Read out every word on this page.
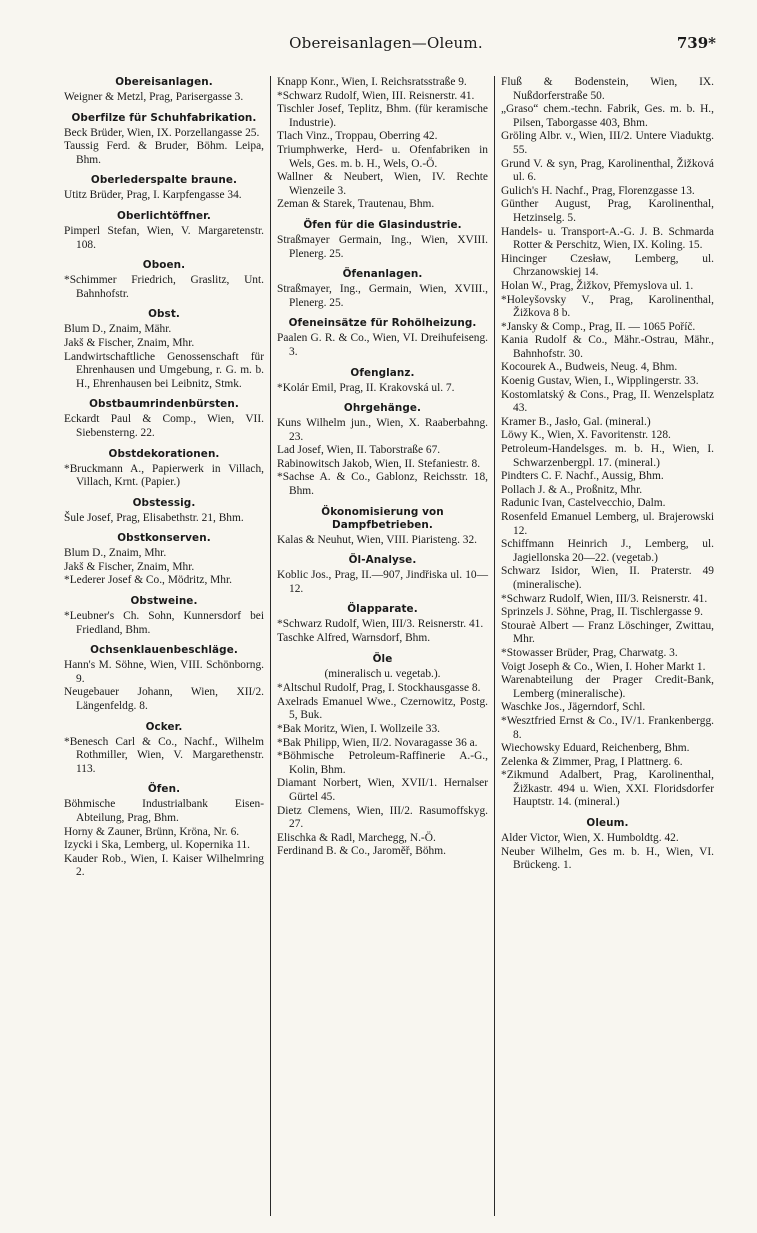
Obereisanlagen—Oleum.	739*
Obereisanlagen.
Weigner & Metzl, Prag, Parisergasse 3.
Oberfilze für Schuhfabrikation.
Beck Brüder, Wien, IX. Porzellangasse 25.
Taussig Ferd. & Bruder, Böhm. Leipa, Bhm.
Oberlederspalte braune.
Utitz Brüder, Prag, I. Karpfengasse 34.
Oberlichtöffner.
Pimperl Stefan, Wien, V. Margaretenstr. 108.
Oboen.
*Schimmer Friedrich, Graslitz, Unt. Bahnhofstr.
Obst.
Blum D., Znaim, Mähr.
Jakš & Fischer, Znaim, Mhr.
Landwirtschaftliche Genossenschaft für Ehrenhausen und Umgebung, r. G. m. b. H., Ehrenhausen bei Leibnitz, Stmk.
Obstbaumrindenbürsten.
Eckardt Paul & Comp., Wien, VII. Siebensterng. 22.
Obstdekorationen.
*Bruckmann A., Papierwerk in Villach, Villach, Krnt. (Papier.)
Obstessig.
Šule Josef, Prag, Elisabethstr. 21, Bhm.
Obstkonserven.
Blum D., Znaim, Mhr.
Jakš & Fischer, Znaim, Mhr.
*Lederer Josef & Co., Mödritz, Mhr.
Obstweine.
*Leubner's Ch. Sohn, Kunnersdorf bei Friedland, Bhm.
Ochsenklauenbeschläge.
Hann's M. Söhne, Wien, VIII. Schönborng. 9.
Neugebauer Johann, Wien, XII/2. Längenfeldg. 8.
Ocker.
*Benesch Carl & Co., Nachf., Wilhelm Rothmiller, Wien, V. Margarethenstr. 113.
Öfen.
Böhmische Industrialbank Eisen-Abteilung, Prag, Bhm.
Horny & Zauner, Brünn, Kröna, Nr. 6.
Izycki i Ska, Lemberg, ul. Kopernika 11.
Kauder Rob., Wien, I. Kaiser Wilhelmring 2.
Knapp Konr., Wien, I. Reichsratsstraße 9.
*Schwarz Rudolf, Wien, III. Reisnerstr. 41.
Tischler Josef, Teplitz, Bhm. (für keramische Industrie).
Tlach Vinz., Troppau, Oberring 42.
Triumphwerke, Herd- u. Ofenfabriken in Wels, Ges. m. b. H., Wels, O.-Ö.
Wallner & Neubert, Wien, IV. Rechte Wienzeile 3.
Zeman & Starek, Trautenau, Bhm.
Öfen für die Glasindustrie.
Straßmayer Germain, Ing., Wien, XVIII. Plenerg. 25.
Öfenanlagen.
Straßmayer, Ing., Germain, Wien, XVIII., Plenerg. 25.
Ofeneinsätze für Rohölheizung.
Paalen G. R. & Co., Wien, VI. Dreihufeiseng. 3.
Ofenglanz.
*Kolár Emil, Prag, II. Krakovská ul. 7.
Ohrgehänge.
Kuns Wilhelm jun., Wien, X. Raaberbahng. 23.
Lad Josef, Wien, II. Taborstraße 67.
Rabinowitsch Jakob, Wien, II. Stefaniestr. 8.
*Sachse A. & Co., Gablonz, Reichsstr. 18, Bhm.
Ökonomisierung von Dampfbetrieben.
Kalas & Neuhut, Wien, VIII. Piaristeng. 32.
Öl-Analyse.
Koblic Jos., Prag, II.—907, Jindřiska ul. 10—12.
Ölapparate.
*Schwarz Rudolf, Wien, III/3. Reisnerstr. 41.
Taschke Alfred, Warnsdorf, Bhm.
Öle
(mineralisch u. vegetab.).
*Altschul Rudolf, Prag, I. Stockhausgasse 8.
Axelrads Emanuel Wwe., Czernowitz, Postg. 5, Buk.
*Bak Moritz, Wien, I. Wollzeile 33.
*Bak Philipp, Wien, II/2. Novaragasse 36 a.
*Böhmische Petroleum-Raffinerie A.-G., Kolin, Bhm.
Diamant Norbert, Wien, XVII/1. Hernalser Gürtel 45.
Dietz Clemens, Wien, III/2. Rasumoffskyg. 27.
Elischka & Radl, Marchegg, N.-Ö.
Ferdinand B. & Co., Jaroměř, Böhm.
Fluß & Bodenstein, Wien, IX. Nußdorferstraße 50.
„Graso“ chem.-techn. Fabrik, Ges. m. b. H., Pilsen, Taborgasse 403, Bhm.
Gröling Albr. v., Wien, III/2. Untere Viaduktg. 55.
Grund V. & syn, Prag, Karolinenthal, Žižková ul. 6.
Gulich's H. Nachf., Prag, Florenzgasse 13.
Günther August, Prag, Karolinenthal, Hetzinselg. 5.
Handels- u. Transport-A.-G. J. B. Schmarda Rotter & Perschitz, Wien, IX. Koling. 15.
Hincinger Czesław, Lemberg, ul. Chrzanowskiej 14.
Holan W., Prag, Žižkov, Přemyslova ul. 1.
*Holeyšovsky V., Prag, Karolinenthal, Žižkova 8 b.
*Jansky & Comp., Prag, II. — 1065 Poříč.
Kania Rudolf & Co., Mähr.-Ostrau, Mähr., Bahnhofstr. 30.
Kocourek A., Budweis, Neug. 4, Bhm.
Koenig Gustav, Wien, I., Wipplingerstr. 33.
Kostomlatský & Cons., Prag, II. Wenzelsplatz 43.
Kramer B., Jasło, Gal. (mineral.)
Löwy K., Wien, X. Favoritenstr. 128.
Petroleum-Handelsges. m. b. H., Wien, I. Schwarzenbergpl. 17. (mineral.)
Pindters C. F. Nachf., Aussig, Bhm.
Pollach J. & A., Proßnitz, Mhr.
Radunic Ivan, Castelvecchio, Dalm.
Rosenfeld Emanuel Lemberg, ul. Brajerowski 12.
Schiffmann Heinrich J., Lemberg, ul. Jagiellonska 20—22. (vegetab.)
Schwarz Isidor, Wien, II. Praterstr. 49 (mineralische).
*Schwarz Rudolf, Wien, III/3. Reisnerstr. 41.
Sprinzels J. Söhne, Prag, II. Tischlergasse 9.
Stouraè Albert — Franz Löschinger, Zwittau, Mhr.
*Stowasser Brüder, Prag, Charwatg. 3.
Voigt Joseph & Co., Wien, I. Hoher Markt 1.
Warenabteilung der Prager Credit-Bank, Lemberg (mineralische).
Waschke Jos., Jägerndorf, Schl.
*Wesztfried Ernst & Co., IV/1. Frankenbergg. 8.
Wiechowsky Eduard, Reichenberg, Bhm.
Zelenka & Zimmer, Prag, I Plattnerg. 6.
*Zikmund Adalbert, Prag, Karolinenthal, Žižkastr. 494 u. Wien, XXI. Floridsdorfer Hauptstr. 14. (mineral.)
Oleum.
Alder Victor, Wien, X. Humboldtg. 42.
Neuber Wilhelm, Ges m. b. H., Wien, VI. Brückeng. 1.
